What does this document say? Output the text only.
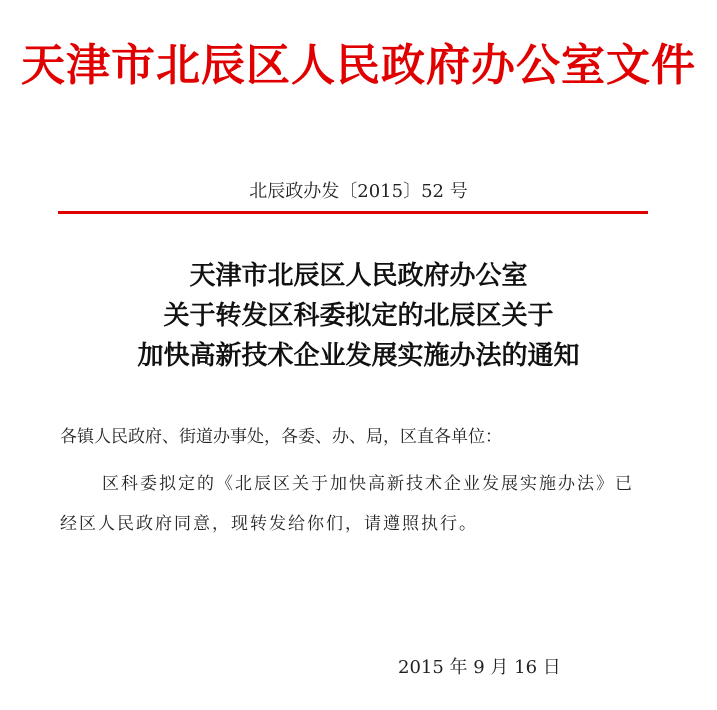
天津市北辰区人民政府办公室文件
北辰政办发〔2015〕52 号
天津市北辰区人民政府办公室
关于转发区科委拟定的北辰区关于
加快高新技术企业发展实施办法的通知
各镇人民政府、街道办事处，各委、办、局，区直各单位：
区科委拟定的《北辰区关于加快高新技术企业发展实施办法》已经区人民政府同意，现转发给你们，请遵照执行。
2015 年 9 月 16 日
